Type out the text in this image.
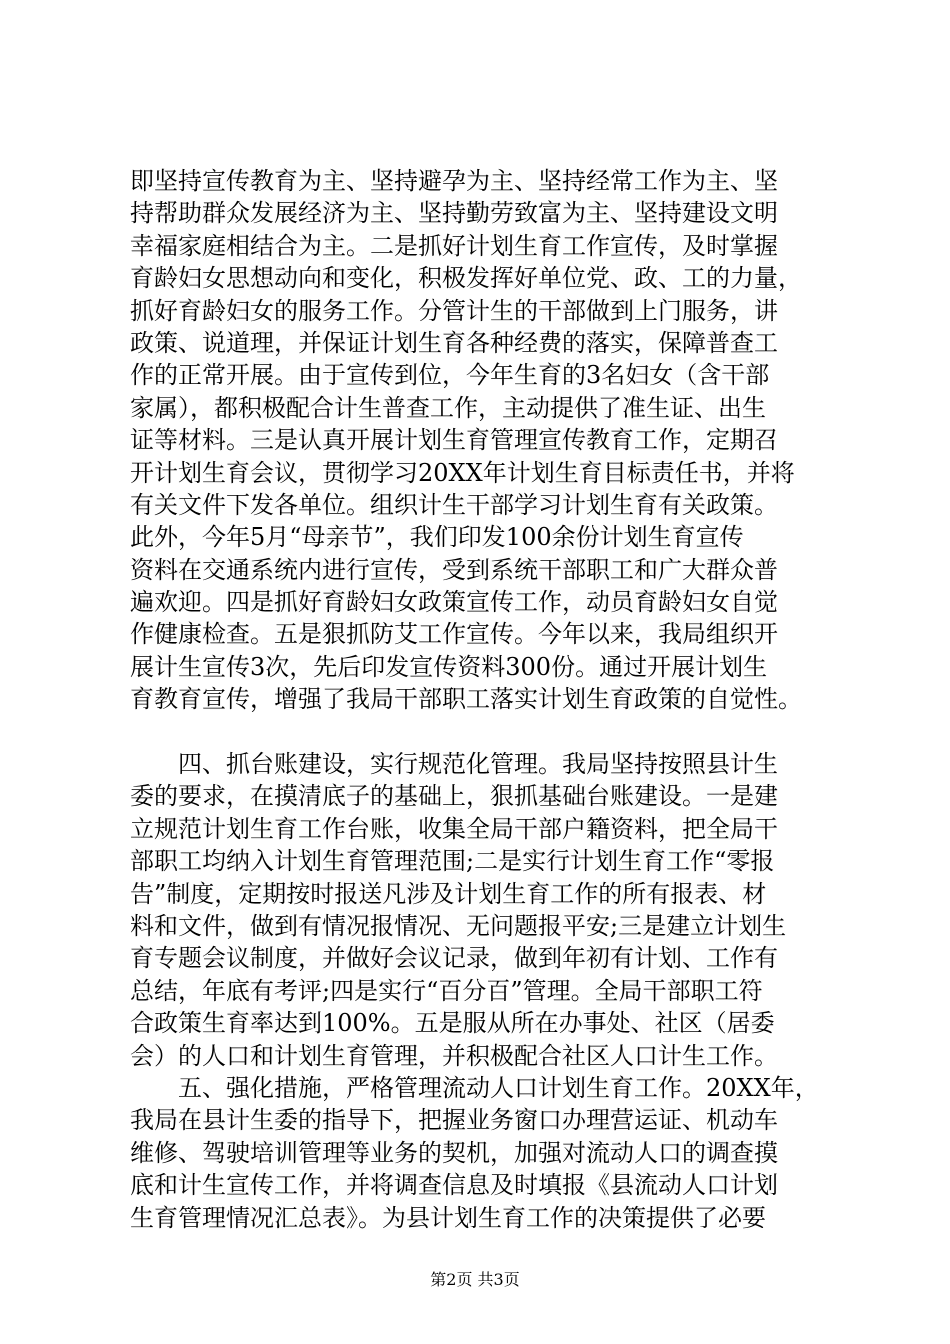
即坚持宣传教育为主、坚持避孕为主、坚持经常工作为主、坚
持帮助群众发展经济为主、坚持勤劳致富为主、坚持建设文明
幸福家庭相结合为主。二是抓好计划生育工作宣传，及时掌握
育龄妇女思想动向和变化，积极发挥好单位党、政、工的力量，
抓好育龄妇女的服务工作。分管计生的干部做到上门服务，讲
政策、说道理，并保证计划生育各种经费的落实，保障普查工
作的正常开展。由于宣传到位，今年生育的3名妇女（含干部
家属），都积极配合计生普查工作，主动提供了准生证、出生
证等材料。三是认真开展计划生育管理宣传教育工作，定期召
开计划生育会议，贯彻学习20XX年计划生育目标责任书，并将
有关文件下发各单位。组织计生干部学习计划生育有关政策。
此外，今年5月“母亲节”，我们印发100余份计划生育宣传
资料在交通系统内进行宣传，受到系统干部职工和广大群众普
遍欢迎。四是抓好育龄妇女政策宣传工作，动员育龄妇女自觉
作健康检查。五是狠抓防艾工作宣传。今年以来，我局组织开
展计生宣传3次，先后印发宣传资料300份。通过开展计划生
育教育宣传，增强了我局干部职工落实计划生育政策的自觉性。
四、抓台账建设，实行规范化管理。我局坚持按照县计生
委的要求，在摸清底子的基础上，狠抓基础台账建设。一是建
立规范计划生育工作台账，收集全局干部户籍资料，把全局干
部职工均纳入计划生育管理范围;二是实行计划生育工作“零报
告”制度，定期按时报送凡涉及计划生育工作的所有报表、材
料和文件，做到有情况报情况、无问题报平安;三是建立计划生
育专题会议制度，并做好会议记录，做到年初有计划、工作有
总结，年底有考评;四是实行“百分百”管理。全局干部职工符
合政策生育率达到100%。五是服从所在办事处、社区（居委
会）的人口和计划生育管理，并积极配合社区人口计生工作。
五、强化措施，严格管理流动人口计划生育工作。20XX年，
我局在县计生委的指导下，把握业务窗口办理营运证、机动车
维修、驾驶培训管理等业务的契机，加强对流动人口的调查摸
底和计生宣传工作，并将调查信息及时填报《县流动人口计划
生育管理情况汇总表》。为县计划生育工作的决策提供了必要
第2页 共3页
